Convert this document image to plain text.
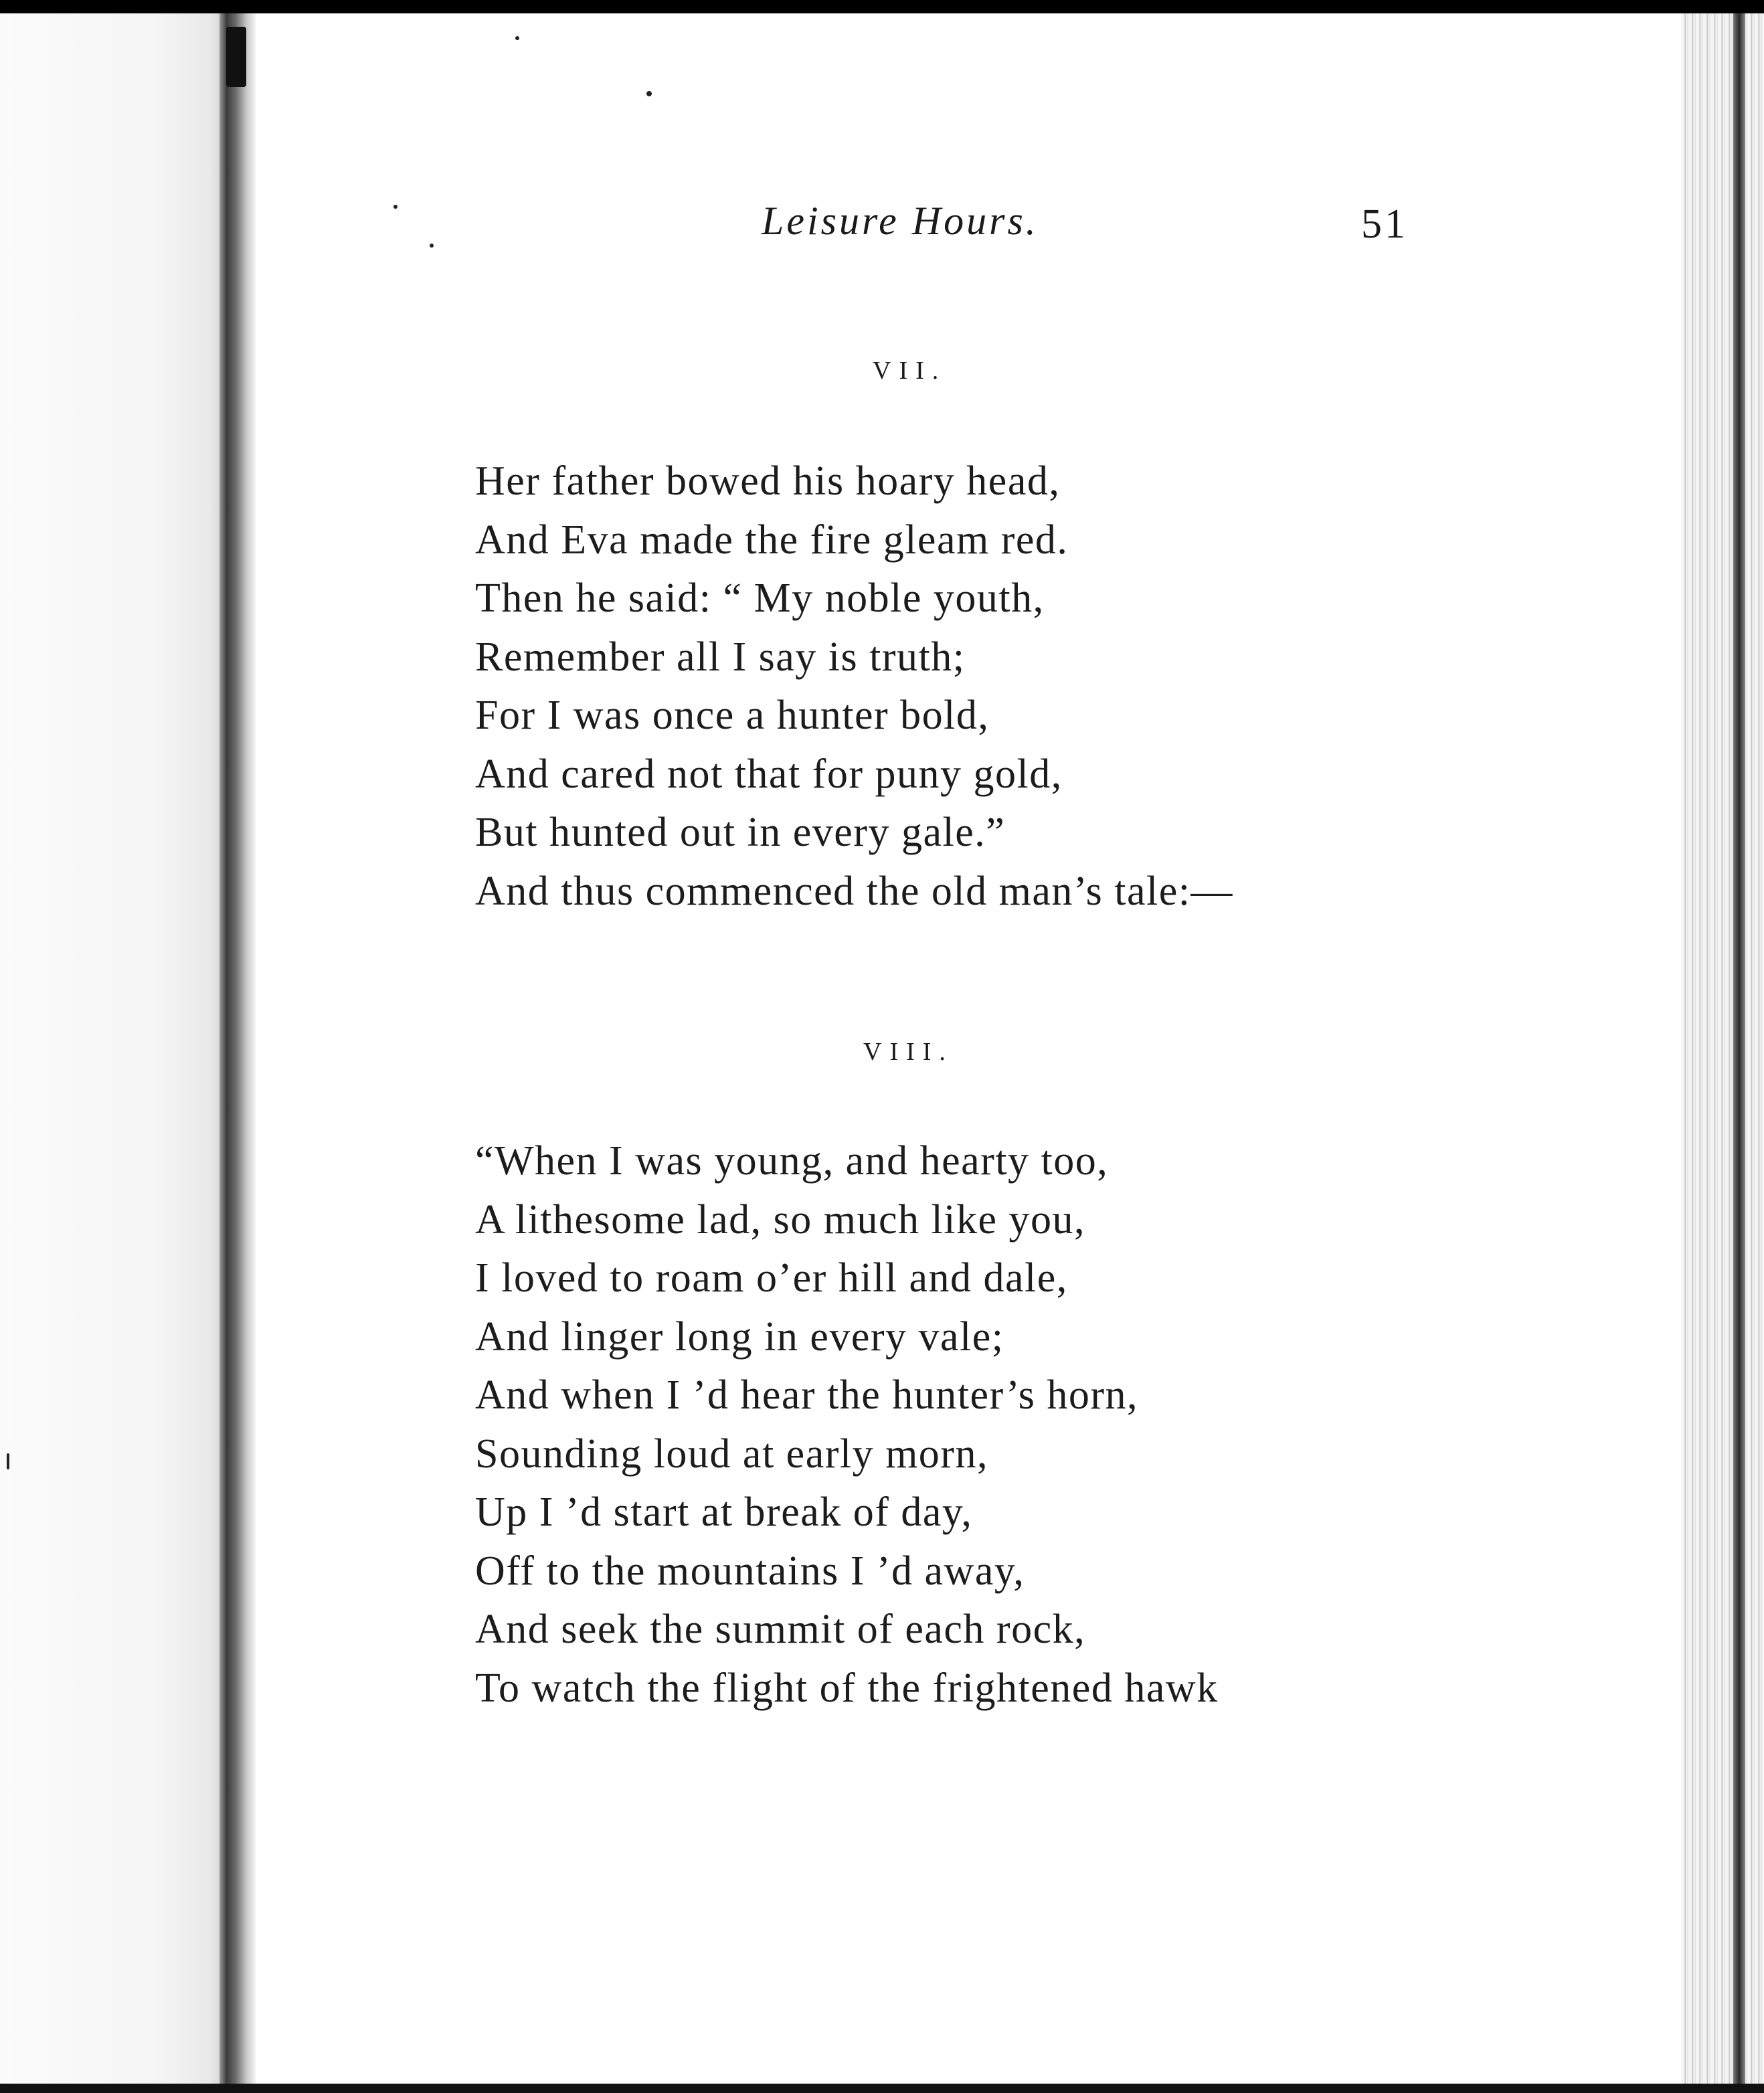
Leisure Hours.	51
VII.
Her father bowed his hoary head,
And Eva made the fire gleam red.
Then he said: “ My noble youth,
Remember all I say is truth;
For I was once a hunter bold,
And cared not that for puny gold,
But hunted out in every gale.”
And thus commenced the old man’s tale:—
VIII.
“When I was young, and hearty too,
A lithesome lad, so much like you,
I loved to roam o’er hill and dale,
And linger long in every vale;
And when I ’d hear the hunter’s horn,
Sounding loud at early morn,
Up I ’d start at break of day,
Off to the mountains I ’d away,
And seek the summit of each rock,
To watch the flight of the frightened hawk
